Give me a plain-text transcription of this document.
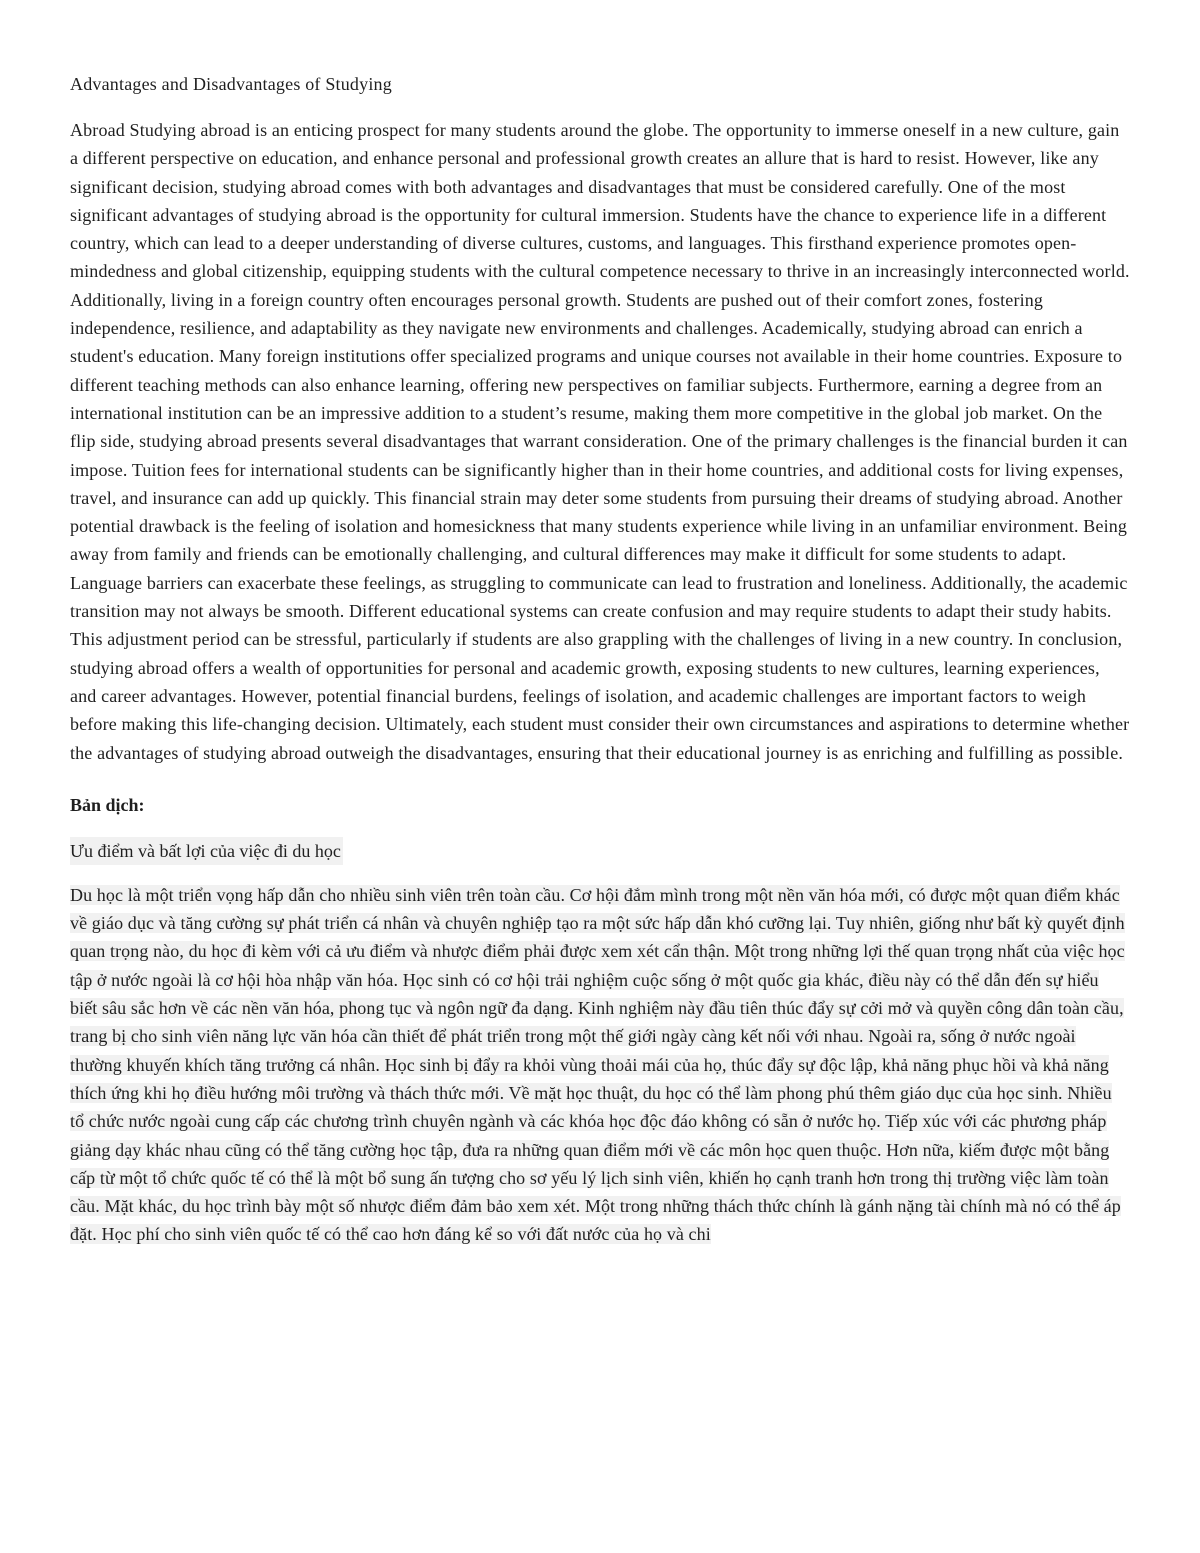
Advantages and Disadvantages of Studying

Abroad Studying abroad is an enticing prospect for many students around the globe. The opportunity to immerse oneself in a new culture, gain a different perspective on education, and enhance personal and professional growth creates an allure that is hard to resist. However, like any significant decision, studying abroad comes with both advantages and disadvantages that must be considered carefully. One of the most significant advantages of studying abroad is the opportunity for cultural immersion. Students have the chance to experience life in a different country, which can lead to a deeper understanding of diverse cultures, customs, and languages. This firsthand experience promotes open-mindedness and global citizenship, equipping students with the cultural competence necessary to thrive in an increasingly interconnected world. Additionally, living in a foreign country often encourages personal growth. Students are pushed out of their comfort zones, fostering independence, resilience, and adaptability as they navigate new environments and challenges. Academically, studying abroad can enrich a student's education. Many foreign institutions offer specialized programs and unique courses not available in their home countries. Exposure to different teaching methods can also enhance learning, offering new perspectives on familiar subjects. Furthermore, earning a degree from an international institution can be an impressive addition to a student’s resume, making them more competitive in the global job market. On the flip side, studying abroad presents several disadvantages that warrant consideration. One of the primary challenges is the financial burden it can impose. Tuition fees for international students can be significantly higher than in their home countries, and additional costs for living expenses, travel, and insurance can add up quickly. This financial strain may deter some students from pursuing their dreams of studying abroad. Another potential drawback is the feeling of isolation and homesickness that many students experience while living in an unfamiliar environment. Being away from family and friends can be emotionally challenging, and cultural differences may make it difficult for some students to adapt. Language barriers can exacerbate these feelings, as struggling to communicate can lead to frustration and loneliness. Additionally, the academic transition may not always be smooth. Different educational systems can create confusion and may require students to adapt their study habits. This adjustment period can be stressful, particularly if students are also grappling with the challenges of living in a new country. In conclusion, studying abroad offers a wealth of opportunities for personal and academic growth, exposing students to new cultures, learning experiences, and career advantages. However, potential financial burdens, feelings of isolation, and academic challenges are important factors to weigh before making this life-changing decision. Ultimately, each student must consider their own circumstances and aspirations to determine whether the advantages of studying abroad outweigh the disadvantages, ensuring that their educational journey is as enriching and fulfilling as possible.

Bản dịch:

Ưu điểm và bất lợi của việc đi du học

Du học là một triển vọng hấp dẫn cho nhiều sinh viên trên toàn cầu. Cơ hội đắm mình trong một nền văn hóa mới, có được một quan điểm khác về giáo dục và tăng cường sự phát triển cá nhân và chuyên nghiệp tạo ra một sức hấp dẫn khó cưỡng lại. Tuy nhiên, giống như bất kỳ quyết định quan trọng nào, du học đi kèm với cả ưu điểm và nhược điểm phải được xem xét cẩn thận. Một trong những lợi thế quan trọng nhất của việc học tập ở nước ngoài là cơ hội hòa nhập văn hóa. Học sinh có cơ hội trải nghiệm cuộc sống ở một quốc gia khác, điều này có thể dẫn đến sự hiểu biết sâu sắc hơn về các nền văn hóa, phong tục và ngôn ngữ đa dạng. Kinh nghiệm này đầu tiên thúc đẩy sự cởi mở và quyền công dân toàn cầu, trang bị cho sinh viên năng lực văn hóa cần thiết để phát triển trong một thế giới ngày càng kết nối với nhau. Ngoài ra, sống ở nước ngoài thường khuyến khích tăng trưởng cá nhân. Học sinh bị đẩy ra khỏi vùng thoải mái của họ, thúc đẩy sự độc lập, khả năng phục hồi và khả năng thích ứng khi họ điều hướng môi trường và thách thức mới. Về mặt học thuật, du học có thể làm phong phú thêm giáo dục của học sinh. Nhiều tổ chức nước ngoài cung cấp các chương trình chuyên ngành và các khóa học độc đáo không có sẵn ở nước họ. Tiếp xúc với các phương pháp giảng dạy khác nhau cũng có thể tăng cường học tập, đưa ra những quan điểm mới về các môn học quen thuộc. Hơn nữa, kiếm được một bằng cấp từ một tổ chức quốc tế có thể là một bổ sung ấn tượng cho sơ yếu lý lịch sinh viên, khiến họ cạnh tranh hơn trong thị trường việc làm toàn cầu. Mặt khác, du học trình bày một số nhược điểm đảm bảo xem xét. Một trong những thách thức chính là gánh nặng tài chính mà nó có thể áp đặt. Học phí cho sinh viên quốc tế có thể cao hơn đáng kể so với đất nước của họ và chi
